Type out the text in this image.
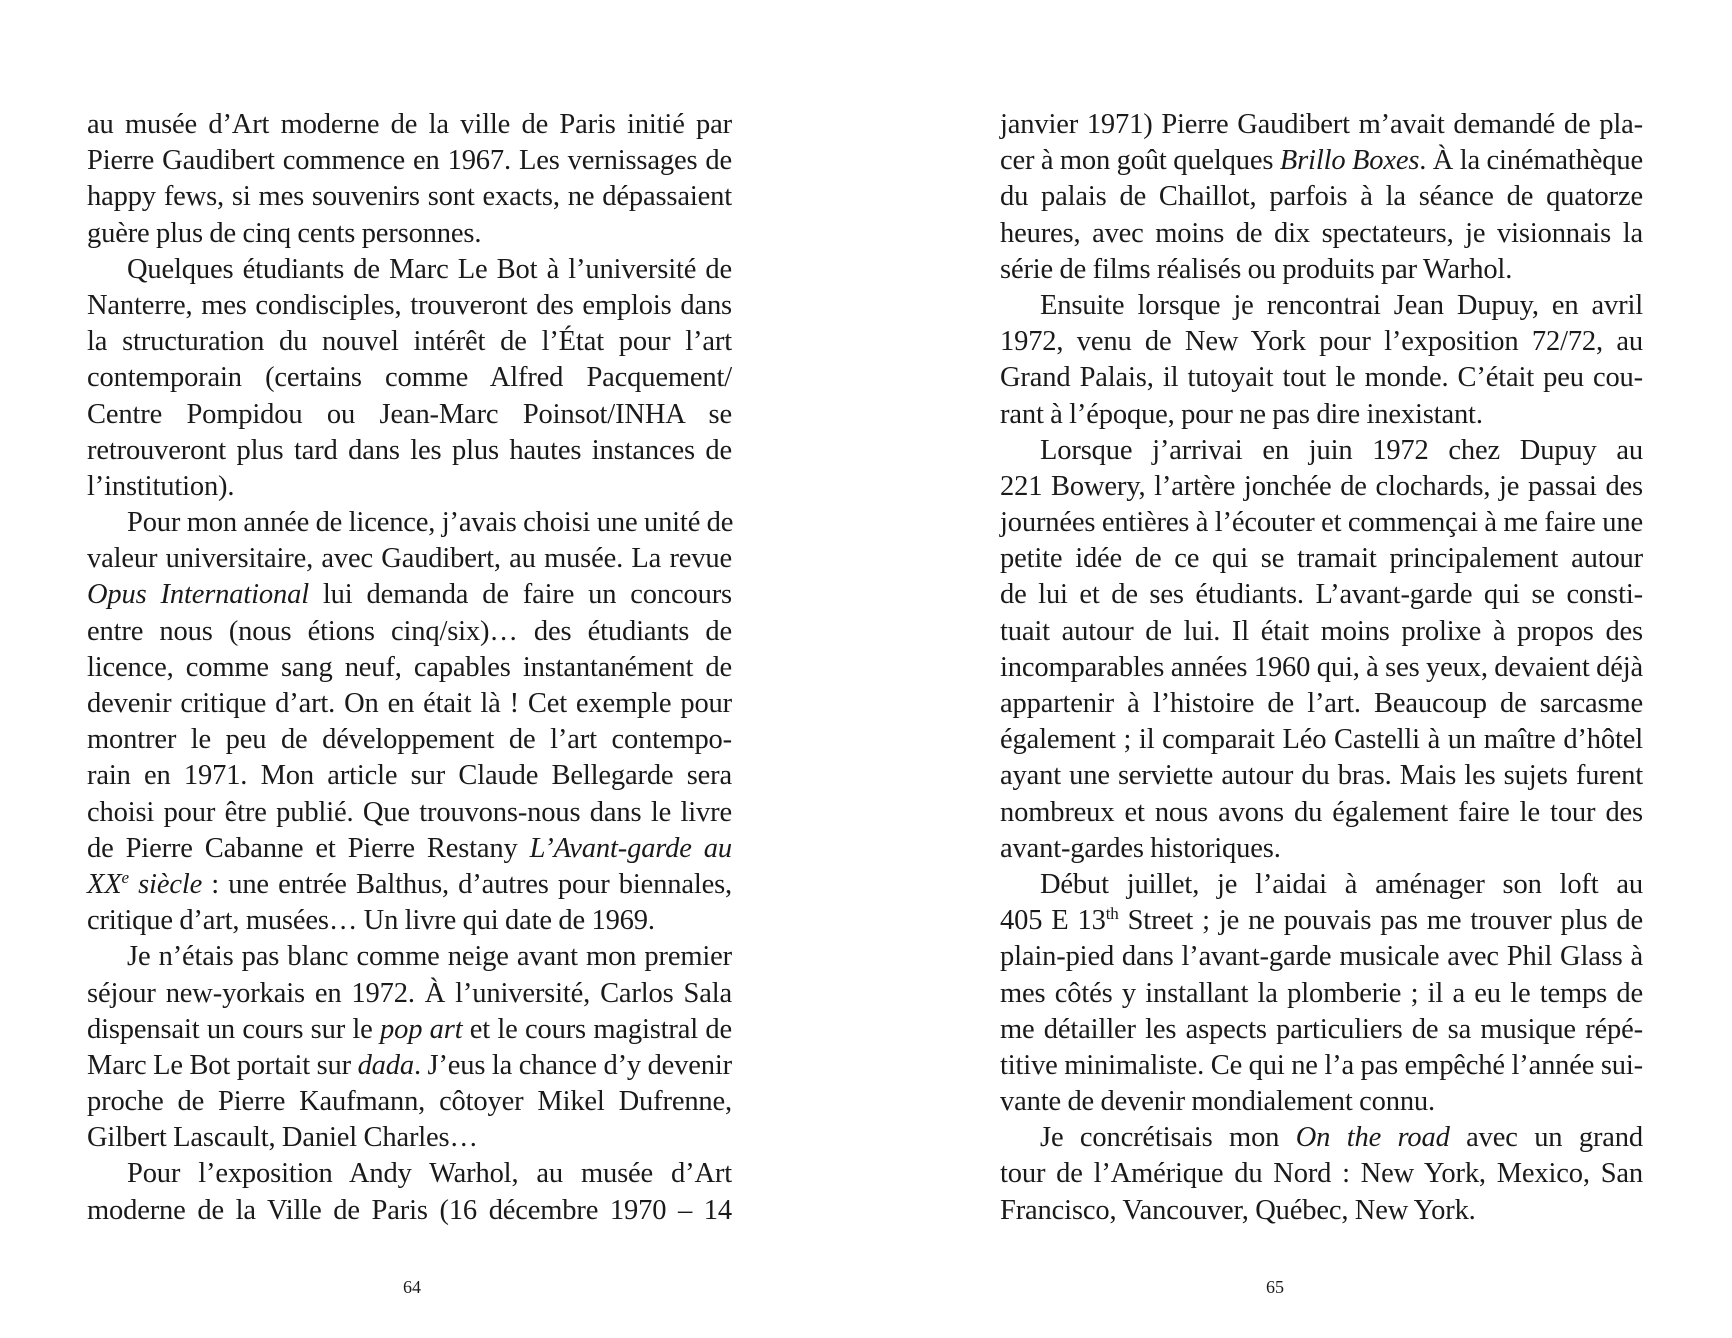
au musée d’Art moderne de la ville de Paris initié par
Pierre Gaudibert commence en 1967. Les vernissages de
happy fews, si mes souvenirs sont exacts, ne dépassaient
guère plus de cinq cents personnes.
Quelques étudiants de Marc Le Bot à l’université de
Nanterre, mes condisciples, trouveront des emplois dans
la structuration du nouvel intérêt de l’État pour l’art
contemporain (certains comme Alfred Pacquement/
Centre Pompidou ou Jean-Marc Poinsot/INHA se
retrouveront plus tard dans les plus hautes instances de
l’institution).
Pour mon année de licence, j’avais choisi une unité de
valeur universitaire, avec Gaudibert, au musée. La revue
Opus International lui demanda de faire un concours
entre nous (nous étions cinq/six)… des étudiants de
licence, comme sang neuf, capables instantanément de
devenir critique d’art. On en était là ! Cet exemple pour
montrer le peu de développement de l’art contempo-
rain en 1971. Mon article sur Claude Bellegarde sera
choisi pour être publié. Que trouvons-nous dans le livre
de Pierre Cabanne et Pierre Restany L’Avant-garde au
XXe siècle : une entrée Balthus, d’autres pour biennales,
critique d’art, musées… Un livre qui date de 1969.
Je n’étais pas blanc comme neige avant mon premier
séjour new-yorkais en 1972. À l’université, Carlos Sala
dispensait un cours sur le pop art et le cours magistral de
Marc Le Bot portait sur dada. J’eus la chance d’y devenir
proche de Pierre Kaufmann, côtoyer Mikel Dufrenne,
Gilbert Lascault, Daniel Charles…
Pour l’exposition Andy Warhol, au musée d’Art
moderne de la Ville de Paris (16 décembre 1970 – 14
64
janvier 1971) Pierre Gaudibert m’avait demandé de pla-
cer à mon goût quelques Brillo Boxes. À la cinémathèque
du palais de Chaillot, parfois à la séance de quatorze
heures, avec moins de dix spectateurs, je visionnais la
série de films réalisés ou produits par Warhol.
Ensuite lorsque je rencontrai Jean Dupuy, en avril
1972, venu de New York pour l’exposition 72/72, au
Grand Palais, il tutoyait tout le monde. C’était peu cou-
rant à l’époque, pour ne pas dire inexistant.
Lorsque j’arrivai en juin 1972 chez Dupuy au
221 Bowery, l’artère jonchée de clochards, je passai des
journées entières à l’écouter et commençai à me faire une
petite idée de ce qui se tramait principalement autour
de lui et de ses étudiants. L’avant-garde qui se consti-
tuait autour de lui. Il était moins prolixe à propos des
incomparables années 1960 qui, à ses yeux, devaient déjà
appartenir à l’histoire de l’art. Beaucoup de sarcasme
également ; il comparait Léo Castelli à un maître d’hôtel
ayant une serviette autour du bras. Mais les sujets furent
nombreux et nous avons du également faire le tour des
avant-gardes historiques.
Début juillet, je l’aidai à aménager son loft au
405 E 13th Street ; je ne pouvais pas me trouver plus de
plain-pied dans l’avant-garde musicale avec Phil Glass à
mes côtés y installant la plomberie ; il a eu le temps de
me détailler les aspects particuliers de sa musique répé-
titive minimaliste. Ce qui ne l’a pas empêché l’année sui-
vante de devenir mondialement connu.
Je concrétisais mon On the road avec un grand
tour de l’Amérique du Nord : New York, Mexico, San
Francisco, Vancouver, Québec, New York.
65
